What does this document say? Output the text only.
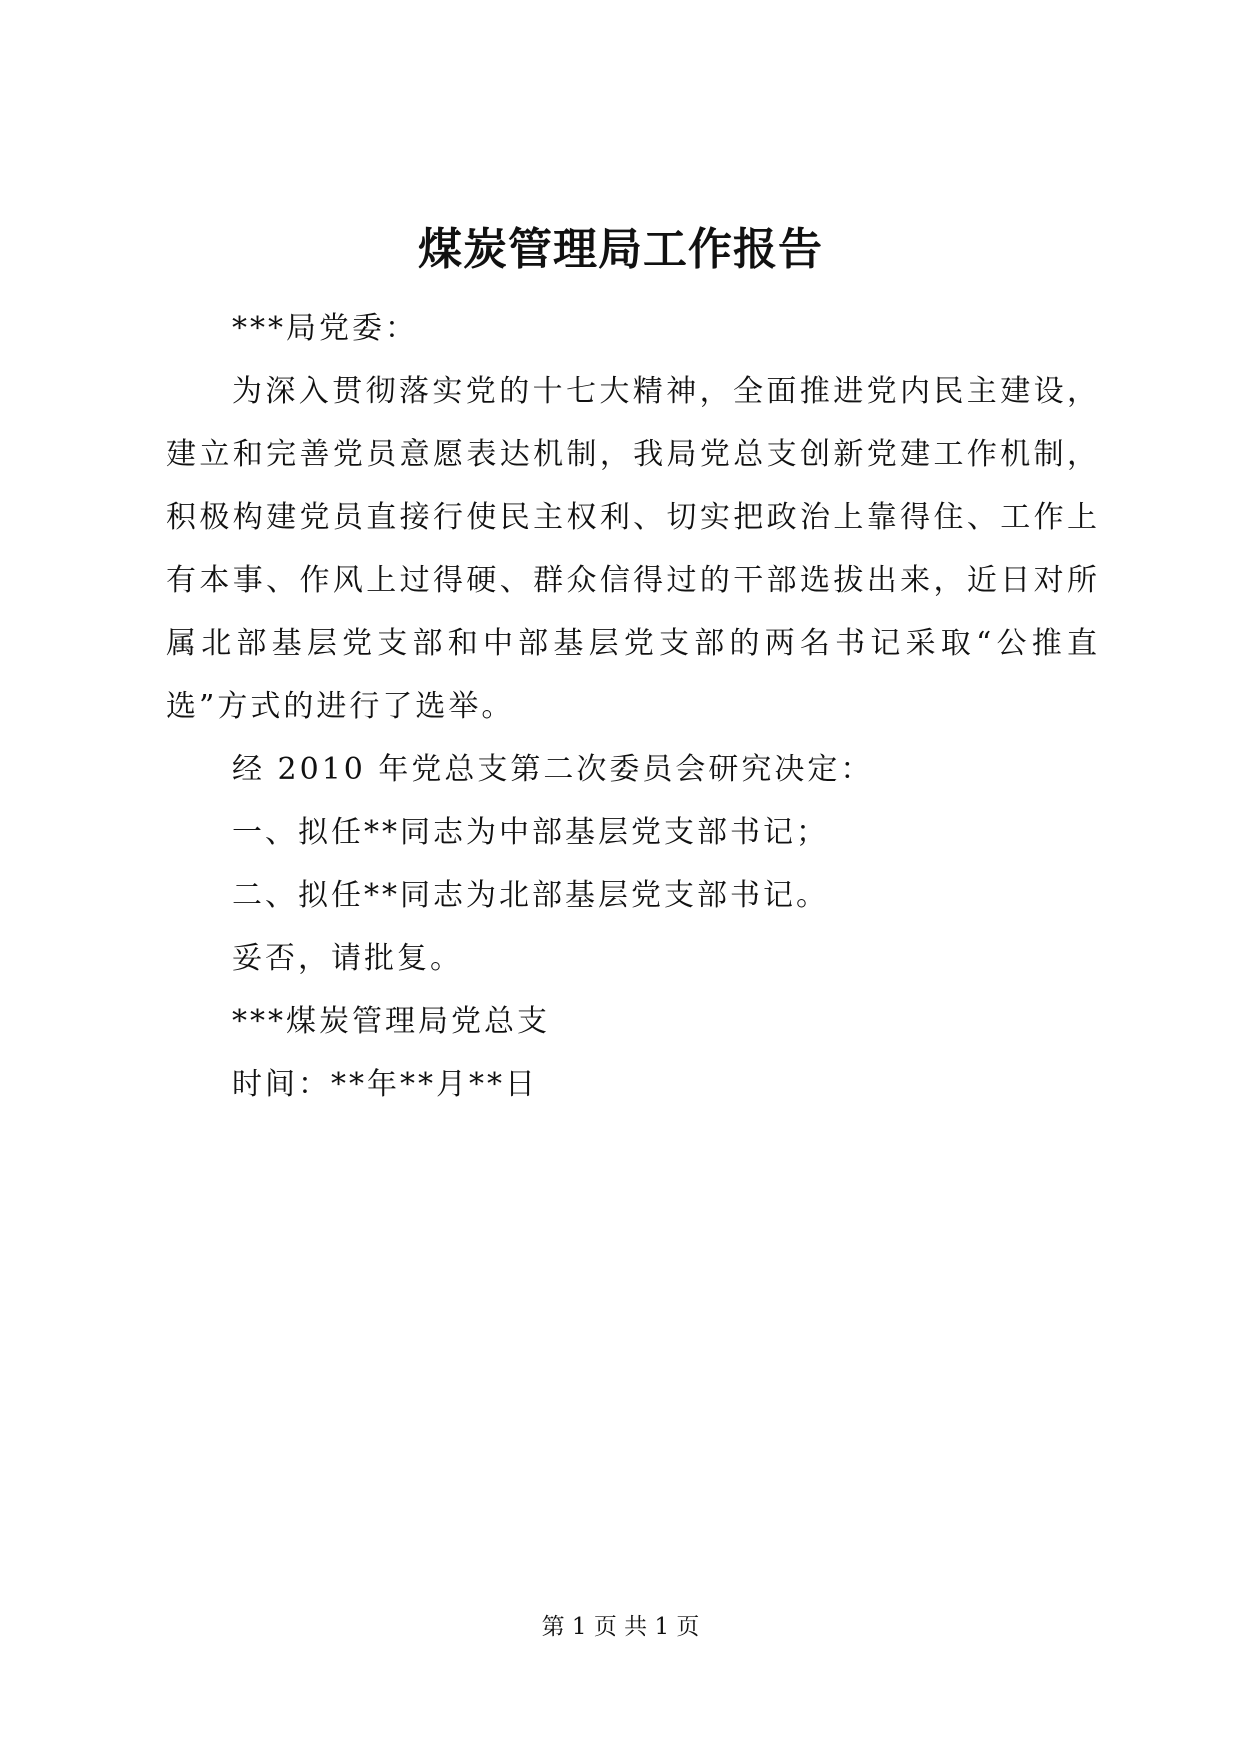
煤炭管理局工作报告

***局党委：

为深入贯彻落实党的十七大精神，全面推进党内民主建设，建立和完善党员意愿表达机制，我局党总支创新党建工作机制，积极构建党员直接行使民主权利、切实把政治上靠得住、工作上有本事、作风上过得硬、群众信得过的干部选拔出来，近日对所属北部基层党支部和中部基层党支部的两名书记采取“公推直选”方式的进行了选举。

经 2010 年党总支第二次委员会研究决定：

一、拟任**同志为中部基层党支部书记；

二、拟任**同志为北部基层党支部书记。

妥否，请批复。

***煤炭管理局党总支

时间：**年**月**日

第 1 页 共 1 页
